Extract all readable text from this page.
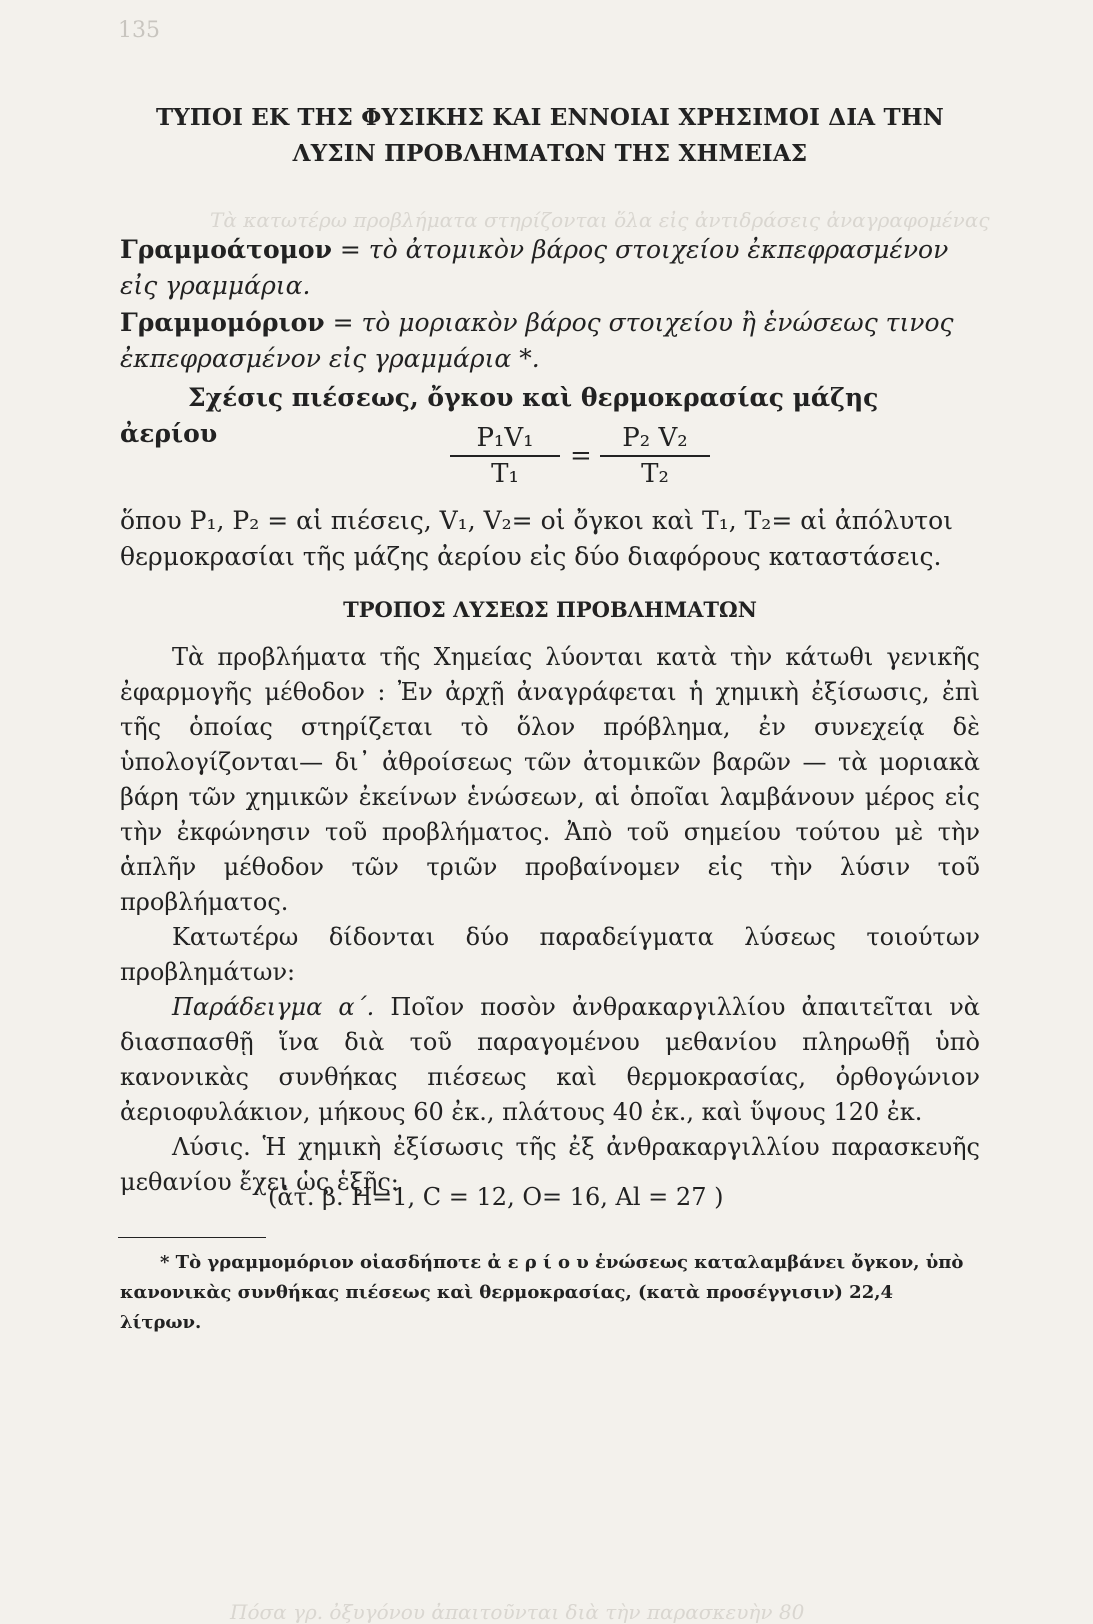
135
Τὰ κατωτέρω προβλήματα στηρίζονται ὅλα εἰς ἀντιδράσεις ἀναγραφομένας
Πόσα γρ. ὀξυγόνου ἀπαιτοῦνται διὰ τὴν παρασκευὴν 80
ΤΥΠΟΙ ΕΚ ΤΗΣ ΦΥΣΙΚΗΣ ΚΑΙ ΕΝΝΟΙΑΙ ΧΡΗΣΙΜΟΙ ΔΙΑ ΤΗΝ ΛΥΣΙΝ ΠΡΟΒΛΗΜΑΤΩΝ ΤΗΣ ΧΗΜΕΙΑΣ
Γραμμοάτομον = τὸ ἀτομικὸν βάρος στοιχείου ἐκπεφρασμένον εἰς γραμμάρια.
Γραμμομόριον = τὸ μοριακὸν βάρος στοιχείου ἢ ἑνώσεως τινος ἐκπεφρασμένον εἰς γραμμάρια *.
Σχέσις πιέσεως, ὄγκου καὶ θερμοκρασίας μάζης ἀερίου	$\frac{\text{P₁V₁}}{\text{T₁}} = \frac{\text{P₂ V₂}}{\text{T₂}}$
ὅπου P₁, P₂ = αἱ πιέσεις, V₁, V₂= οἱ ὄγκοι καὶ T₁, T₂= αἱ ἀπόλυτοι θερμοκρασίαι τῆς μάζης ἀερίου εἰς δύο διαφόρους καταστάσεις.
ΤΡΟΠΟΣ ΛΥΣΕΩΣ ΠΡΟΒΛΗΜΑΤΩΝ

Τὰ προβλήματα τῆς Χημείας λύονται κατὰ τὴν κάτωθι γενικῆς ἐφαρμογῆς μέθοδον : Ἐν ἀρχῇ ἀναγράφεται ἡ χημικὴ ἐξίσωσις, ἐπὶ τῆς ὁποίας στηρίζεται τὸ ὅλον πρόβλημα, ἐν συνεχείᾳ δὲ ὑπολογίζονται— δι᾽ ἀθροίσεως τῶν ἀτομικῶν βαρῶν — τὰ μοριακὰ βάρη τῶν χημικῶν ἐκείνων ἑνώσεων, αἱ ὁποῖαι λαμβάνουν μέρος εἰς τὴν ἐκφώνησιν τοῦ προβλήματος. Ἀπὸ τοῦ σημείου τούτου μὲ τὴν ἁπλῆν μέθοδον τῶν τριῶν προβαίνομεν εἰς τὴν λύσιν τοῦ προβλήματος.

Κατωτέρω δίδονται δύο παραδείγματα λύσεως τοιούτων προβλημάτων:

Παράδειγμα α΄. Ποῖον ποσὸν ἀνθρακαργιλλίου ἀπαιτεῖται νὰ διασπασθῇ ἵνα διὰ τοῦ παραγομένου μεθανίου πληρωθῇ ὑπὸ κανονικὰς συνθήκας πιέσεως καὶ θερμοκρασίας, ὀρθογώνιον ἀεριοφυλάκιον, μήκους 60 ἐκ., πλάτους 40 ἐκ., καὶ ὕψους 120 ἐκ.

Λύσις. Ἡ χημικὴ ἐξίσωσις τῆς ἐξ ἀνθρακαργιλλίου παρασκευῆς μεθανίου ἔχει ὡς ἑξῆς:

(ἀτ. β. H=1, C = 12, O= 16, Al = 27 )

* Τὸ γραμμομόριον οἱασδήποτε ἀ ε ρ ί ο υ ἑνώσεως καταλαμβάνει ὄγκον, ὑπὸ κανονικὰς συνθήκας πιέσεως καὶ θερμοκρασίας, (κατὰ προσέγγισιν) 22,4 λίτρων.
